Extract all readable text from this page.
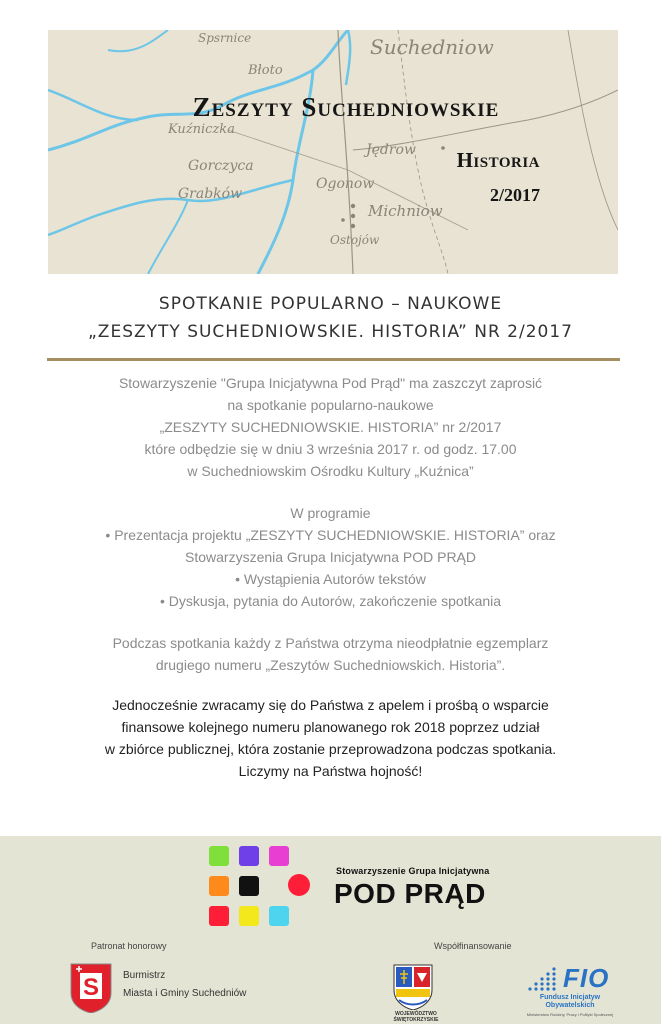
Suchedniow
Błoto
Kuźniczka
Jędrow
Gorczyca
Ogonow
Grabków
Michniow
Ostojów
Spsrnice
Zeszyty Suchedniowskie
Historia
2/2017
SPOTKANIE POPULARNO – NAUKOWE
„ZESZYTY SUCHEDNIOWSKIE. HISTORIA” NR 2/2017
Stowarzyszenie "Grupa Inicjatywna Pod Prąd" ma zaszczyt zaprosić
na spotkanie popularno-naukowe
„ZESZYTY SUCHEDNIOWSKIE. HISTORIA” nr 2/2017
które odbędzie się w dniu 3 września 2017 r. od godz. 17.00
w Suchedniowskim Ośrodku Kultury „Kuźnica”
W programie
• Prezentacja projektu „ZESZYTY SUCHEDNIOWSKIE. HISTORIA” oraz
Stowarzyszenia Grupa Inicjatywna POD PRĄD
• Wystąpienia Autorów tekstów
• Dyskusja, pytania do Autorów, zakończenie spotkania
Podczas spotkania każdy z Państwa otrzyma nieodpłatnie egzemplarz
drugiego numeru „Zeszytów Suchedniowskich. Historia”.
Jednocześnie zwracamy się do Państwa z apelem i prośbą o wsparcie
finansowe kolejnego numeru planowanego rok 2018 poprzez udział
w zbiórce publicznej, która zostanie przeprowadzona podczas spotkania.
Liczymy na Państwa hojność!
Stowarzyszenie Grupa Inicjatywna
POD PRĄD
Patronat honorowy	Współfinansowanie
S Burmistrz
Miasta i Gminy Suchedniów
WOJEWÓDZTWO
ŚWIĘTOKRZYSKIE
FIO
Fundusz Inicjatyw
Obywatelskich
Ministerstwo Rodziny, Pracy i Polityki Społecznej
